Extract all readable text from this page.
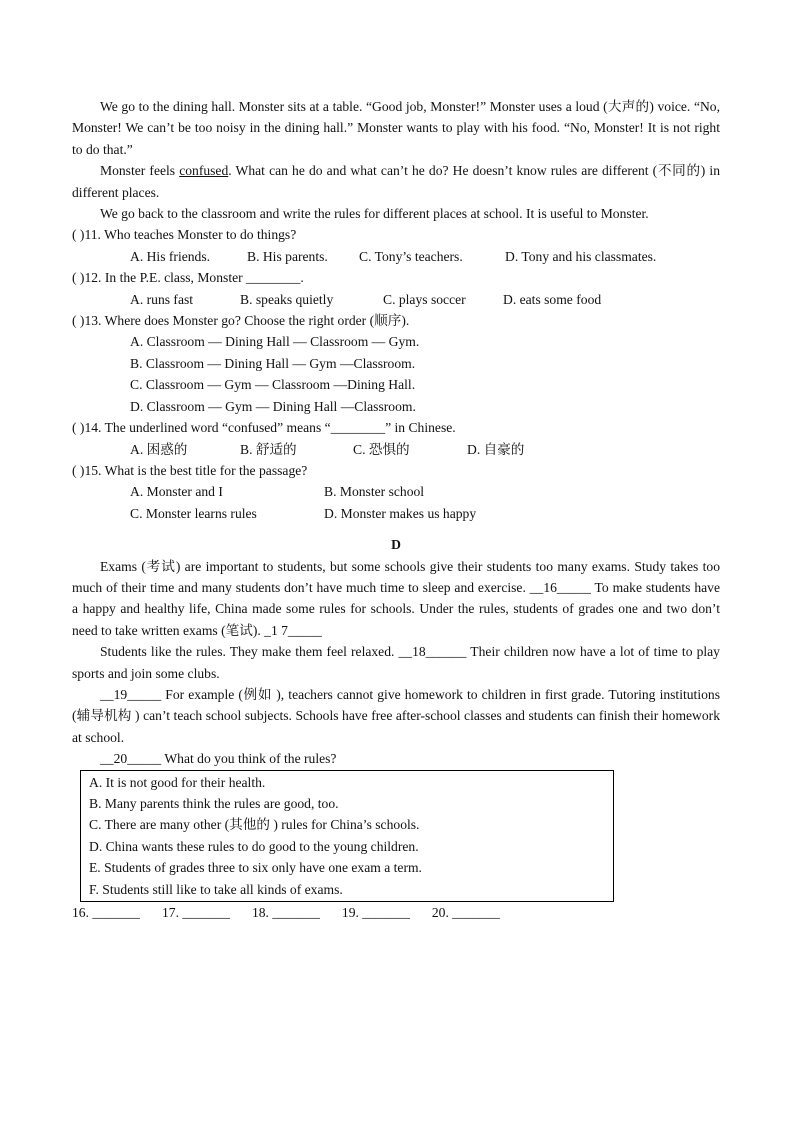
We go to the dining hall. Monster sits at a table. “Good job, Monster!” Monster uses a loud (大声的) voice. “No, Monster! We can’t be too noisy in the dining hall.” Monster wants to play with his food. “No, Monster! It is not right to do that.”

Monster feels confused. What can he do and what can’t he do? He doesn’t know rules are different (不同的) in different places.

We go back to the classroom and write the rules for different places at school. It is useful to Monster.

( )11. Who teaches Monster to do things?

A. His friends.	B. His parents. C. Tony’s teachers.	D. Tony and his classmates.

( )12. In the P.E. class, Monster ________.

A. runs fast	B. speaks quietly	C. plays soccer	D. eats some food

( )13. Where does Monster go? Choose the right order (顺序).

A. Classroom — Dining Hall — Classroom — Gym.

B. Classroom — Dining Hall — Gym —Classroom.

C. Classroom — Gym — Classroom —Dining Hall.

D. Classroom — Gym — Dining Hall —Classroom.

( )14. The underlined word “confused” means “________” in Chinese.

A. 困惑的	B. 舒适的	C. 恐惧的	D. 自豪的

( )15. What is the best title for the passage?

A. Monster and I	B. Monster school

C. Monster learns rules	D. Monster makes us happy

D

Exams (考试) are important to students, but some schools give their students too many exams. Study takes too much of their time and many students don’t have much time to sleep and exercise. __16_____ To make students have a happy and healthy life, China made some rules for schools. Under the rules, students of grades one and two don’t need to take written exams (笔试). _1 7_____

Students like the rules. They make them feel relaxed. __18______ Their children now have a lot of time to play sports and join some clubs.

__19_____ For example (例如 ), teachers cannot give homework to children in first grade. Tutoring institutions (辅导机构 ) can’t teach school subjects. Schools have free after-school classes and students can finish their homework at school.

__20_____ What do you think of the rules?

A. It is not good for their health.
B. Many parents think the rules are good, too.
C. There are many other (其他的 ) rules for China’s schools.
D. China wants these rules to do good to the young children.
E. Students of grades three to six only have one exam a term.
F. Students still like to take all kinds of exams.

16. _______ 17. _______ 18. _______ 19. _______ 20. _______
